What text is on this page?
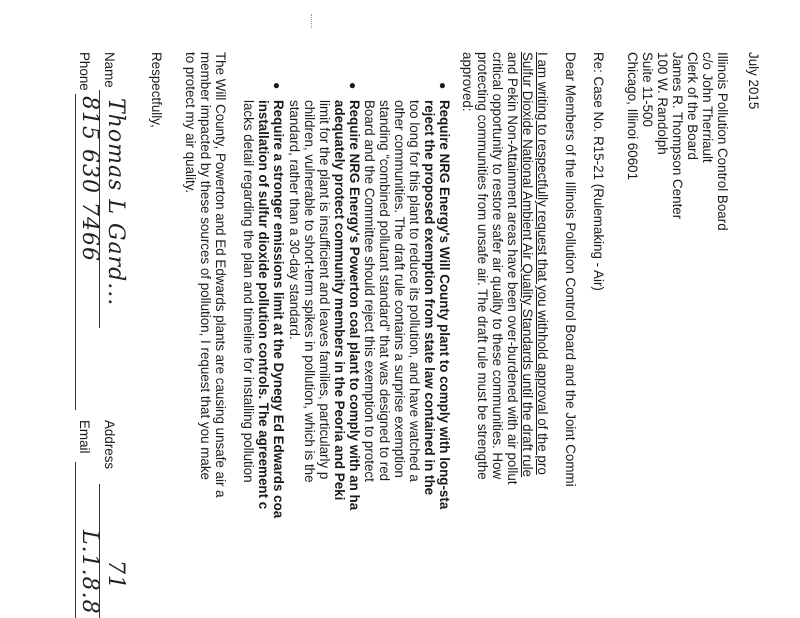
July 2015
Illinois Pollution Control Board
c/o John Therriault
Clerk of the Board
James R. Thompson Center
100 W. Randolph
Suite 11-500
Chicago, Illinoi 60601
Re: Case No. R15-21 (Rulemaking - Air)
Dear Members of the Illinois Pollution Control Board and the Joint Commi
I am writing to respectfully request that you withhold approval of the pro
Sulfur Dioxide National Ambient Air Quality Standards until the draft rule
and Pekin Non-Attainment areas have been over-burdened with air pollut
critical opportunity to restore safer air quality to these communities. How
protecting communities from unsafe air. The draft rule must be strengthe
approved:
●
Require NRG Energy's Will County plant to comply with long-sta
reject the proposed exemption from state law contained in the
too long for this plant to reduce its pollution, and have watched a
other communities. The draft rule contains a surprise exemption
standing “combined pollutant standard” that was designed to red
Board and the Committee should reject this exemption to protect
●
Require NRG Energy's Powerton coal plant to comply with an ha
adequately protect community members in the Peoria and Peki
limit for the plant is insufficient and leaves families, particularly p
children, vulnerable to short-term spikes in pollution, which is the
standard, rather than a 30-day standard.
●
Require a stronger emissions limit at the Dynegy Ed Edwards coa
installation of sulfur dioxide pollution controls. The agreement c
lacks detail regarding the plan and timeline for installing pollution
The Will County, Powerton and Ed Edwards plants are causing unsafe air a
member impacted by these sources of pollution, I request that you make
to protect my air quality.
Respectfully,
Name
Thomas L Gard...
Address
71
Phone
815 630 7466
Email
L.1.8.8
